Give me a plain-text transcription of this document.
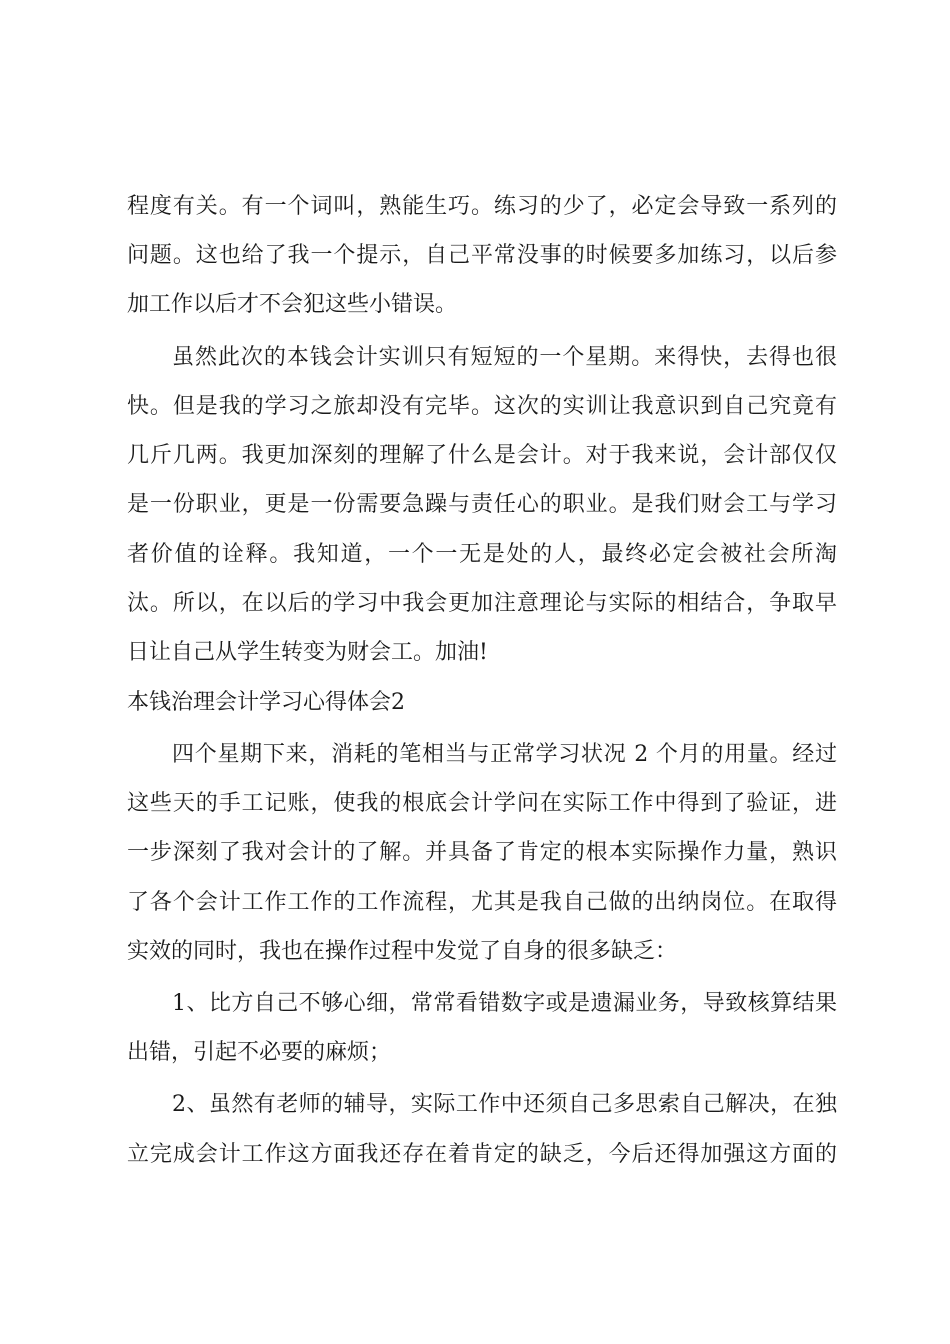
程度有关。有一个词叫，熟能生巧。练习的少了，必定会导致一系列的
问题。这也给了我一个提示，自己平常没事的时候要多加练习，以后参
加工作以后才不会犯这些小错误。
虽然此次的本钱会计实训只有短短的一个星期。来得快，去得也很
快。但是我的学习之旅却没有完毕。这次的实训让我意识到自己究竟有
几斤几两。我更加深刻的理解了什么是会计。对于我来说，会计部仅仅
是一份职业，更是一份需要急躁与责任心的职业。是我们财会工与学习
者价值的诠释。我知道，一个一无是处的人，最终必定会被社会所淘
汰。所以，在以后的学习中我会更加注意理论与实际的相结合，争取早
日让自己从学生转变为财会工。加油!
本钱治理会计学习心得体会2
四个星期下来，消耗的笔相当与正常学习状况 2 个月的用量。经过
这些天的手工记账，使我的根底会计学问在实际工作中得到了验证，进
一步深刻了我对会计的了解。并具备了肯定的根本实际操作力量，熟识
了各个会计工作工作的工作流程，尤其是我自己做的出纳岗位。在取得
实效的同时，我也在操作过程中发觉了自身的很多缺乏：
1、比方自己不够心细，常常看错数字或是遗漏业务，导致核算结果
出错，引起不必要的麻烦；
2、虽然有老师的辅导，实际工作中还须自己多思索自己解决，在独
立完成会计工作这方面我还存在着肯定的缺乏，今后还得加强这方面的
